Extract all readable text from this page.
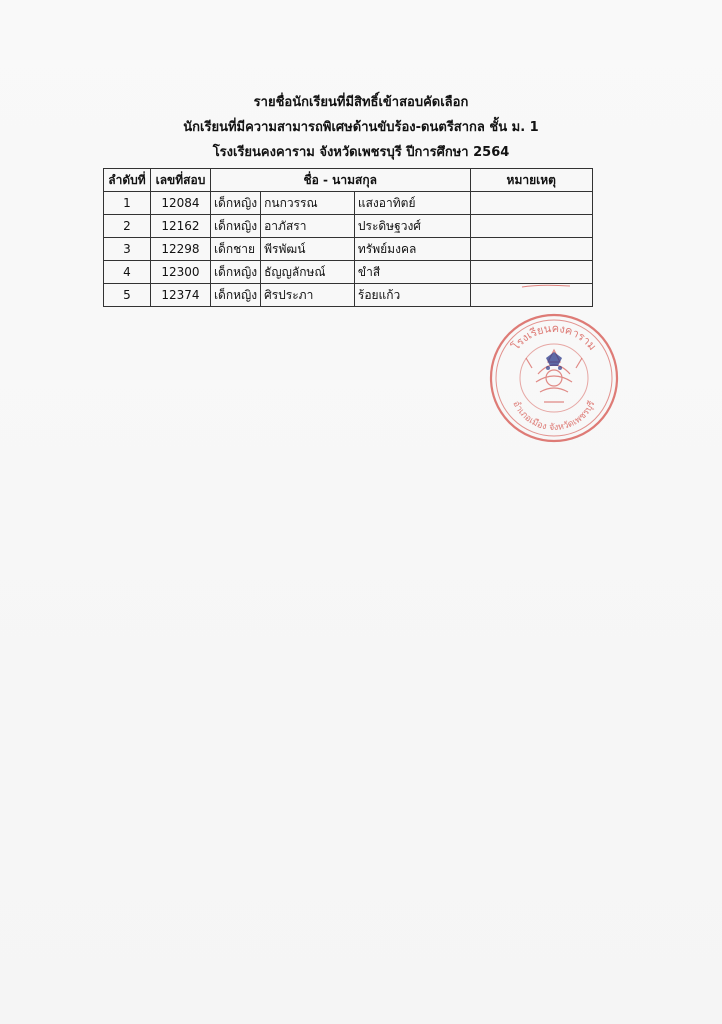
รายชื่อนักเรียนที่มีสิทธิ์เข้าสอบคัดเลือก
นักเรียนที่มีความสามารถพิเศษด้านขับร้อง-ดนตรีสากล ชั้น ม. 1
โรงเรียนคงคาราม จังหวัดเพชรบุรี ปีการศึกษา 2564
ลำดับที่	เลขที่สอบ	ชื่อ - นามสกุล			หมายเหตุ
1	12084	เด็กหญิง	กนกวรรณ	แสงอาทิตย์	
2	12162	เด็กหญิง	อาภัสรา	ประดิษฐวงศ์	
3	12298	เด็กชาย	พีรพัฒน์	ทรัพย์มงคล	
4	12300	เด็กหญิง	ธัญญลักษณ์	ขำสี	
5	12374	เด็กหญิง	ศิรประภา	ร้อยแก้ว	
โรงเรียนคงคาราม
อำเภอเมือง จังหวัดเพชรบุรี
